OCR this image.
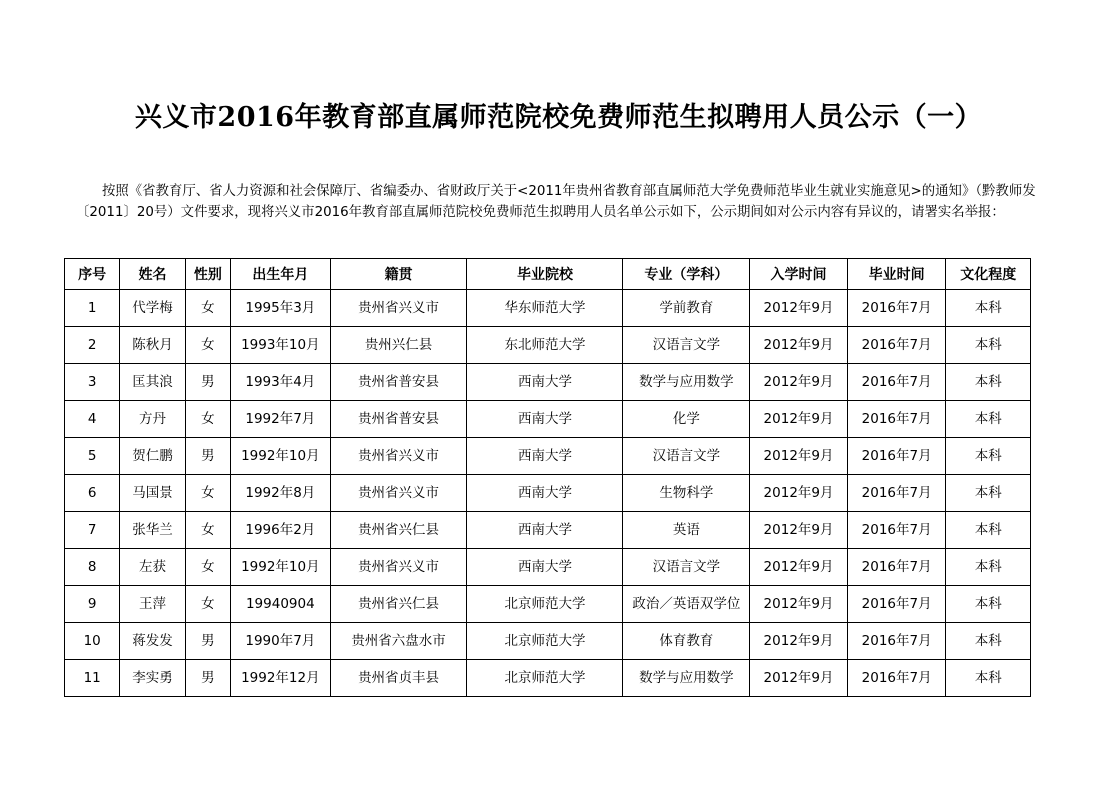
兴义市2016年教育部直属师范院校免费师范生拟聘用人员公示（一）
按照《省教育厅、省人力资源和社会保障厅、省编委办、省财政厅关于<2011年贵州省教育部直属师范大学免费师范毕业生就业实施意见>的通知》（黔教师发〔2011〕20号）文件要求，现将兴义市2016年教育部直属师范院校免费师范生拟聘用人员名单公示如下，公示期间如对公示内容有异议的，请署实名举报：
序号	姓名	性别	出生年月	籍贯	毕业院校	专业（学科）	入学时间	毕业时间	文化程度
1	代学梅	女	1995年3月	贵州省兴义市	华东师范大学	学前教育	2012年9月	2016年7月	本科
2	陈秋月	女	1993年10月	贵州兴仁县	东北师范大学	汉语言文学	2012年9月	2016年7月	本科
3	匡其浪	男	1993年4月	贵州省普安县	西南大学	数学与应用数学	2012年9月	2016年7月	本科
4	方丹	女	1992年7月	贵州省普安县	西南大学	化学	2012年9月	2016年7月	本科
5	贺仁鹏	男	1992年10月	贵州省兴义市	西南大学	汉语言文学	2012年9月	2016年7月	本科
6	马国景	女	1992年8月	贵州省兴义市	西南大学	生物科学	2012年9月	2016年7月	本科
7	张华兰	女	1996年2月	贵州省兴仁县	西南大学	英语	2012年9月	2016年7月	本科
8	左获	女	1992年10月	贵州省兴义市	西南大学	汉语言文学	2012年9月	2016年7月	本科
9	王萍	女	19940904	贵州省兴仁县	北京师范大学	政治／英语双学位	2012年9月	2016年7月	本科
10	蒋发发	男	1990年7月	贵州省六盘水市	北京师范大学	体育教育	2012年9月	2016年7月	本科
11	李实勇	男	1992年12月	贵州省贞丰县	北京师范大学	数学与应用数学	2012年9月	2016年7月	本科
